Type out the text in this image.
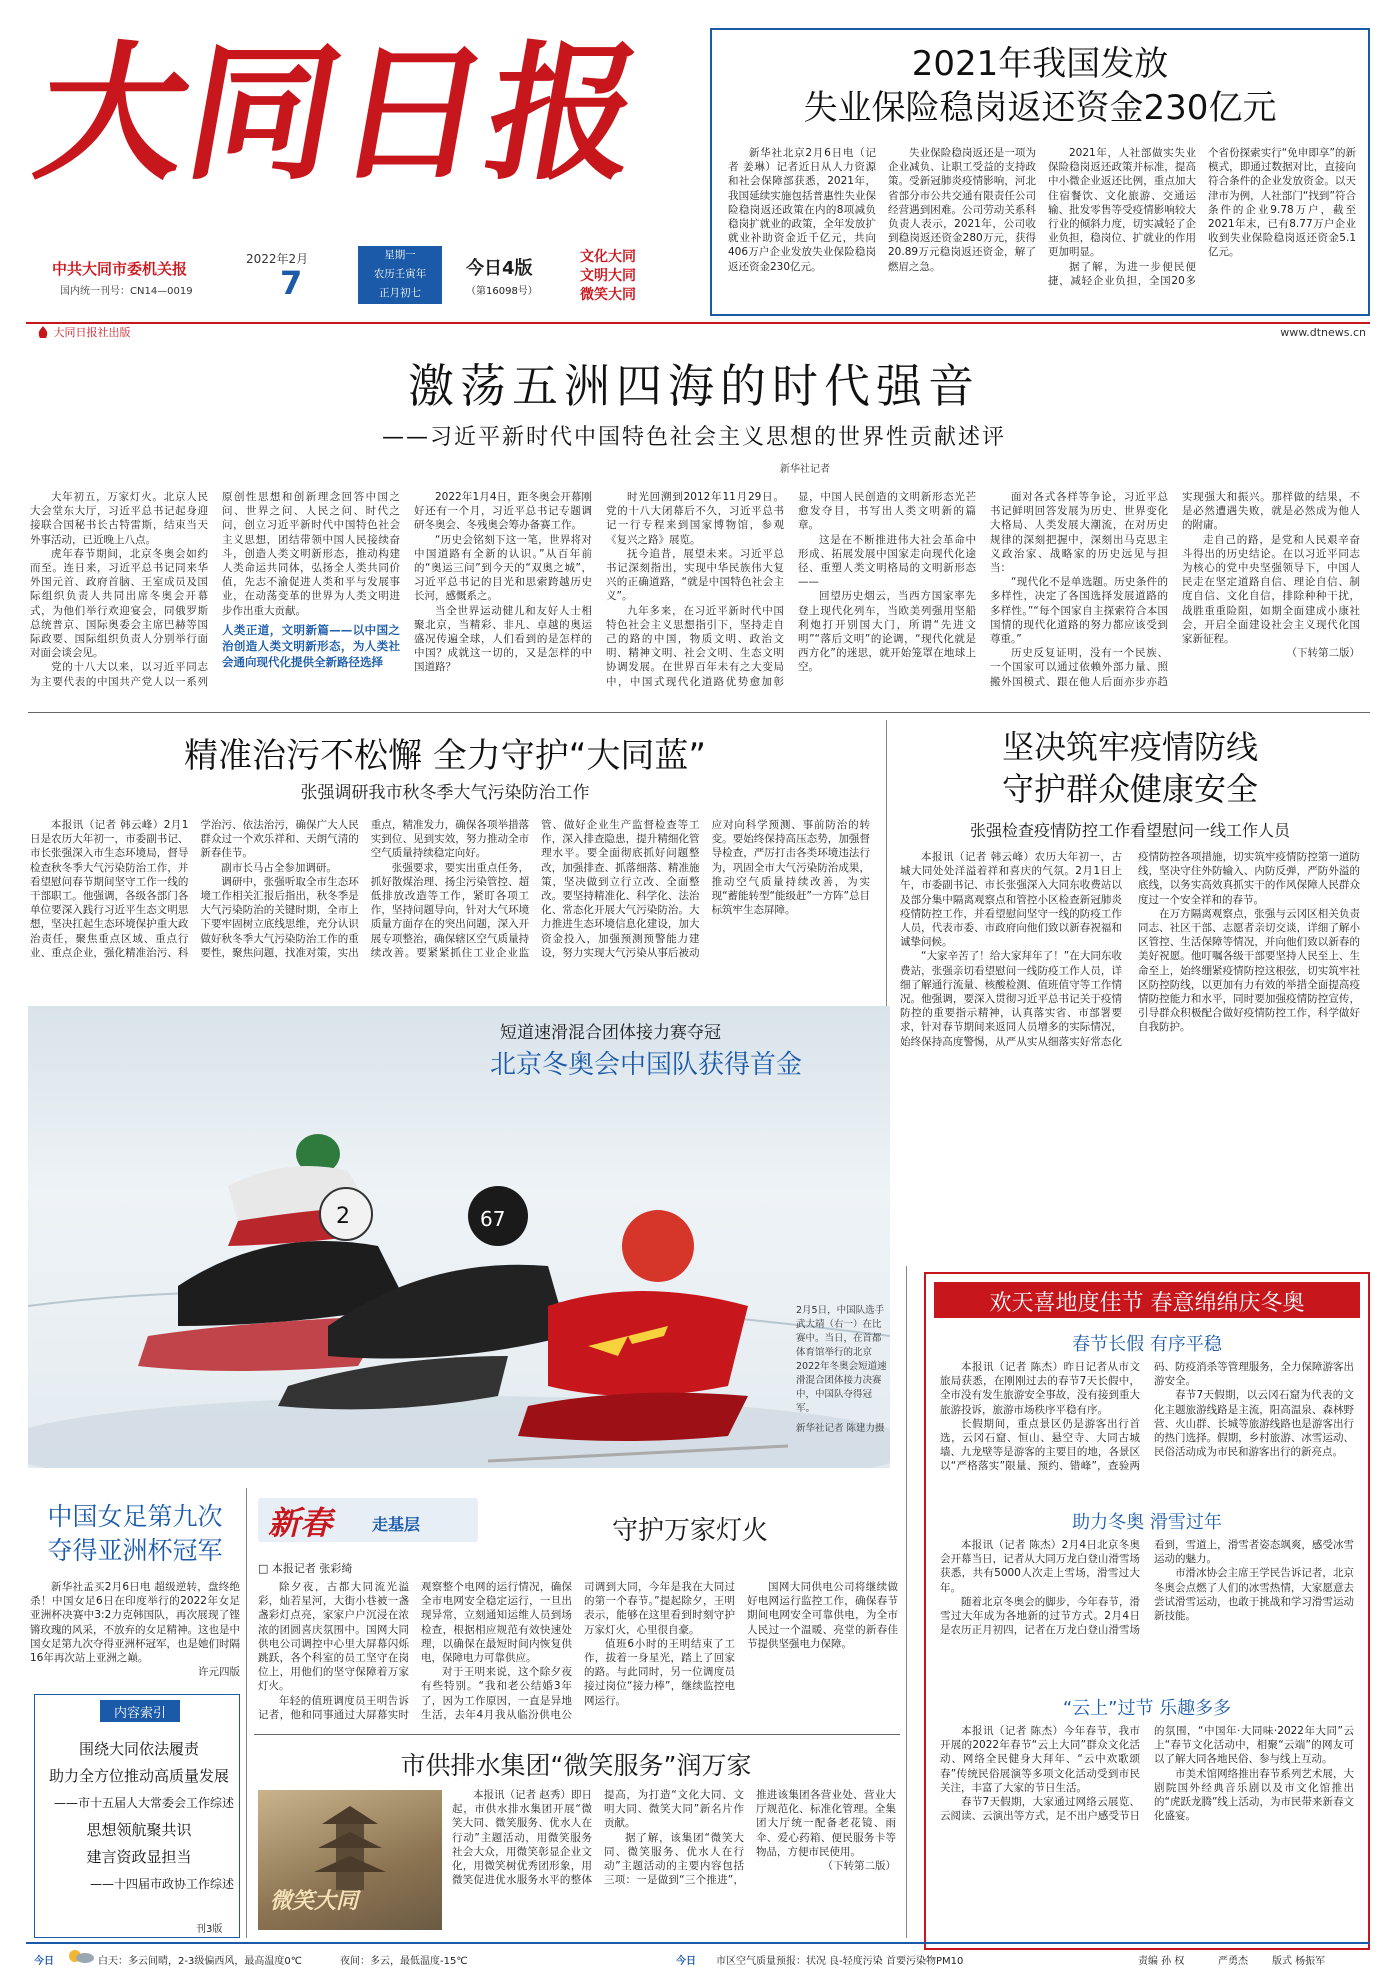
大
同
日
报
中共大同市委机关报
国内统一刊号：CN14—0019
2022年2月
7
星期一
农历壬寅年
正月初七
今日4版
（第16098号）
文化大同
文明大同
微笑大同
大同日报社出版	www.dtnews.cn
2021年我国发放
失业保险稳岗返还资金230亿元

新华社北京2月6日电（记者 姜琳）记者近日从人力资源和社会保障部获悉，2021年，我国延续实施包括普惠性失业保险稳岗返还政策在内的8项减负稳岗扩就业的政策，全年发放扩就业补助资金近千亿元，共向406万户企业发放失业保险稳岗返还资金230亿元。

失业保险稳岗返还是一项为企业减负、让职工受益的支持政策。受新冠肺炎疫情影响，河北省部分市公共交通有限责任公司经营遇到困难。公司劳动关系科负责人表示，2021年，公司收到稳岗返还资金280万元，获得20.89万元稳岗返还资金，解了燃眉之急。

2021年，人社部做实失业保险稳岗返还政策并标准，提高中小微企业返还比例，重点加大住宿餐饮、文化旅游、交通运输、批发零售等受疫情影响较大行业的倾斜力度，切实减轻了企业负担，稳岗位、扩就业的作用更加明显。

据了解，为进一步便民便捷，减轻企业负担，全国20多个省份探索实行“免申即享”的新模式，即通过数据对比，直接向符合条件的企业发放资金。以天津市为例，人社部门“找到”符合条件的企业9.78万户，截至2021年末，已有8.77万户企业收到失业保险稳岗返还资金5.1亿元。

激荡五洲四海的时代强音
——习近平新时代中国特色社会主义思想的世界性贡献述评
新华社记者

大年初五，万家灯火。北京人民大会堂东大厅，习近平总书记起身迎接联合国秘书长古特雷斯，结束当天外事活动，已近晚上八点。

虎年春节期间，北京冬奥会如约而至。连日来，习近平总书记同来华外国元首、政府首脑、王室成员及国际组织负责人共同出席冬奥会开幕式，为他们举行欢迎宴会，同俄罗斯总统普京、国际奥委会主席巴赫等国际政要、国际组织负责人分别举行面对面会谈会见。

党的十八大以来，以习近平同志为主要代表的中国共产党人以一系列原创性思想和创新理念回答中国之问、世界之问、人民之问、时代之问，创立习近平新时代中国特色社会主义思想，团结带领中国人民接续奋斗，创造人类文明新形态，推动构建人类命运共同体，弘扬全人类共同价值，先志不渝促进人类和平与发展事业，在动荡变革的世界为人类文明进步作出重大贡献。

人类正道，文明新篇——以中国之治创造人类文明新形态，为人类社会通向现代化提供全新路径选择

2022年1月4日，距冬奥会开幕刚好还有一个月，习近平总书记专题调研冬奥会、冬残奥会筹办备赛工作。

“历史会铭刻下这一笔，世界将对中国道路有全新的认识。”从百年前的“奥运三问”到今天的“双奥之城”，习近平总书记的目光和思索跨越历史长河，感慨系之。

当全世界运动健儿和友好人士相聚北京，当精彩、非凡、卓越的奥运盛况传遍全球，人们看到的是怎样的中国？成就这一切的，又是怎样的中国道路？

时光回溯到2012年11月29日。党的十八大闭幕后不久，习近平总书记一行专程来到国家博物馆，参观《复兴之路》展览。

抚今追昔，展望未来。习近平总书记深刻指出，实现中华民族伟大复兴的正确道路，“就是中国特色社会主义”。

九年多来，在习近平新时代中国特色社会主义思想指引下，坚持走自己的路的中国，物质文明、政治文明、精神文明、社会文明、生态文明协调发展。在世界百年未有之大变局中，中国式现代化道路优势愈加彰显，中国人民创造的文明新形态光芒愈发夺目，书写出人类文明新的篇章。

这是在不断推进伟大社会革命中形成、拓展发展中国家走向现代化途径、重塑人类文明格局的文明新形态——

回望历史烟云，当西方国家率先登上现代化列车，当欧美列强用坚船利炮打开别国大门，所谓“先进文明”“落后文明”的论调，“现代化就是西方化”的迷思，就开始笼罩在地球上空。

面对各式各样等争论，习近平总书记鲜明回答发展为历史、世界变化大格局、人类发展大潮流，在对历史规律的深刻把握中，深刻出马克思主义政治家、战略家的历史远见与担当：

“现代化不是单选题。历史条件的多样性，决定了各国选择发展道路的多样性。”“每个国家自主探索符合本国国情的现代化道路的努力都应该受到尊重。”

历史反复证明，没有一个民族、一个国家可以通过依赖外部力量、照搬外国模式、跟在他人后面亦步亦趋实现强大和振兴。那样做的结果，不是必然遭遇失败，就是必然成为他人的附庸。

走自己的路，是党和人民艰辛奋斗得出的历史结论。在以习近平同志为核心的党中央坚强领导下，中国人民走在坚定道路自信、理论自信、制度自信、文化自信，排除种种干扰，战胜重重险阻，如期全面建成小康社会，开启全面建设社会主义现代化国家新征程。

（下转第二版）

精准治污不松懈 全力守护“大同蓝”
张强调研我市秋冬季大气污染防治工作

本报讯（记者 韩云峰）2月1日是农历大年初一，市委副书记、市长张强深入市生态环境局，督导检查秋冬季大气污染防治工作，并看望慰问春节期间坚守工作一线的干部职工。他强调，各级各部门各单位要深入践行习近平生态文明思想，坚决扛起生态环境保护重大政治责任，聚焦重点区域、重点行业、重点企业，强化精准治污、科学治污、依法治污，确保广大人民群众过一个欢乐祥和、天朗气清的新春佳节。

副市长马占全参加调研。

调研中，张强听取全市生态环境工作相关汇报后指出，秋冬季是大气污染防治的关键时期，全市上下要牢固树立底线思维，充分认识做好秋冬季大气污染防治工作的重要性，聚焦问题，找准对策，实出重点，精准发力，确保各项举措落实到位、见到实效，努力推动全市空气质量持续稳定向好。

张强要求，要实出重点任务，抓好散煤治理、扬尘污染管控、超低排放改造等工作，紧盯各项工作，坚持问题导向，针对大气环境质量方面存在的突出问题，深入开展专项整治，确保辖区空气质量持续改善。要紧紧抓住工业企业监管、做好企业生产监督检查等工作，深入排查隐患，提升精细化管理水平。要全面彻底抓好问题整改，加强排查、抓落细落、精准施策，坚决做到立行立改、全面整改。要坚持精准化、科学化、法治化、常态化开展大气污染防治。大力推进生态环境信息化建设，加大资金投入，加强预测预警能力建设，努力实现大气污染从事后被动应对向科学预测、事前防治的转变。要始终保持高压态势，加强督导检查，严厉打击各类环境违法行为，巩固全市大气污染防治成果，推动空气质量持续改善，为实现“蓄能转型“能级赶”一方阵”总目标筑牢生态屏障。

坚决筑牢疫情防线
守护群众健康安全
张强检查疫情防控工作看望慰问一线工作人员

本报讯（记者 韩云峰）农历大年初一，古城大同处处洋溢着祥和喜庆的气氛。2月1日上午，市委副书记、市长张强深入大同东收费站以及部分集中隔离观察点和管控小区检查新冠肺炎疫情防控工作，并看望慰问坚守一线的防疫工作人员，代表市委、市政府向他们致以新春祝福和诚挚问候。

“大家辛苦了！给大家拜年了！”在大同东收费站，张强亲切看望慰问一线防疫工作人员，详细了解通行流量、核酸检测、值班值守等工作情况。他强调，要深入贯彻习近平总书记关于疫情防控的重要指示精神，认真落实省、市部署要求，针对春节期间来返同人员增多的实际情况，始终保持高度警惕，从严从实从细落实好常态化疫情防控各项措施，切实筑牢疫情防控第一道防线，坚决守住外防输入、内防反弹，严防外溢的底线，以务实高效真抓实干的作风保障人民群众度过一个安全祥和的春节。

在万方隔离观察点，张强与云冈区相关负责同志、社区干部、志愿者亲切交谈，详细了解小区管控、生活保障等情况，并向他们致以新春的美好祝愿。他叮嘱各级干部要坚持人民至上、生命至上，始终绷紧疫情防控这根弦，切实筑牢社区防控防线，以更加有力有效的举措全面提高疫情防控能力和水平，同时要加强疫情防控宣传，引导群众积极配合做好疫情防控工作，科学做好自我防护。

2	67
短道速滑混合团体接力赛夺冠
北京冬奥会中国队获得首金
2月5日，中国队选手武大靖（右一）在比赛中。当日，在首都体育馆举行的北京2022年冬奥会短道速滑混合团体接力决赛中，中国队夺得冠军。
新华社记者 陈建力摄
欢天喜地度佳节 春意绵绵庆冬奥
春节长假 有序平稳

本报讯（记者 陈杰）昨日记者从市文旅局获悉，在刚刚过去的春节7天长假中，全市没有发生旅游安全事故，没有接到重大旅游投诉，旅游市场秩序平稳有序。

长假期间，重点景区仍是游客出行首选，云冈石窟、恒山、悬空寺、大同古城墙、九龙壁等是游客的主要目的地，各景区以“严格落实”限量、预约、错峰”，查验两码、防疫消杀等管理服务，全力保障游客出游安全。

春节7天假期，以云冈石窟为代表的文化主题旅游线路是主流，阳高温泉、森林野营、火山群、长城等旅游线路也是游客出行的热门选择。假期，乡村旅游、冰雪运动、民俗活动成为市民和游客出行的新亮点。

助力冬奥 滑雪过年

本报讯（记者 陈杰）2月4日北京冬奥会开幕当日，记者从大同万龙白登山滑雪场获悉，共有5000人次走上雪场，滑雪过大年。

随着北京冬奥会的脚步，今年春节，滑雪过大年成为各地新的过节方式。2月4日是农历正月初四，记者在万龙白登山滑雪场看到，雪道上，滑雪者姿态飒爽，感受冰雪运动的魅力。

市滑冰协会主席王学民告诉记者，北京冬奥会点燃了人们的冰雪热情，大家愿意去尝试滑雪运动，也敢于挑战和学习滑雪运动新技能。

“云上”过节 乐趣多多

本报讯（记者 陈杰）今年春节，我市开展的2022年春节“云上大同”群众文化活动、网络全民健身大拜年、“云中欢歌颂春”传统民俗展演等多项文化活动受到市民关注，丰富了大家的节日生活。

春节7天假期，大家通过网络云展览、云阅读、云演出等方式，足不出户感受节日的氛围，“中国年·大同味·2022年大同”云上“春节文化活动中，相聚“云端”的网友可以了解大同各地民俗、参与线上互动。

市美术馆网络推出春节系列艺术展，大剧院国外经典音乐剧以及市文化馆推出的“虎跃龙腾”线上活动，为市民带来新春文化盛宴。

中国女足第九次
夺得亚洲杯冠军

新华社孟买2月6日电 超级逆转，盘终绝杀！中国女足6日在印度举行的2022年女足亚洲杯决赛中3:2力克韩国队，再次展现了铿锵玫瑰的风采，不放弃的女足精神。这也是中国女足第九次夺得亚洲杯冠军，也是她们时隔16年再次站上亚洲之巅。

许元四版

内容索引
围绕大同依法履责
助力全方位推动高质量发展
——市十五届人大常委会工作综述
思想领航聚共识
建言资政显担当
——十四届市政协工作综述
刊3版
新春 走基层	守护万家灯火
□ 本报记者 张彩绮

除夕夜，古都大同流光溢彩，灿若星河，大街小巷被一盏盏彩灯点亮，家家户户沉浸在浓浓的团圆喜庆氛围中。国网大同供电公司调控中心里大屏幕闪烁跳跃，各个科室的员工坚守在岗位上，用他们的坚守保障着万家灯火。

年轻的值班调度员王明告诉记者，他和同事通过大屏幕实时观察整个电网的运行情况，确保全市电网安全稳定运行，一旦出现异常，立刻通知运维人员到场检查，根据相应规范有效快速处理，以确保在最短时间内恢复供电，保障电力可靠供应。

对于王明来说，这个除夕夜有些特别。“我和老公结婚3年了，因为工作原因，一直是异地生活，去年4月我从临汾供电公司调到大同，今年是我在大同过的第一个春节。”提起除夕，王明表示，能够在这里看到时刻守护万家灯火，心里很自豪。

值班6小时的王明结束了工作，拔着一身星光，踏上了回家的路。与此同时，另一位调度员接过岗位“接力棒”，继续监控电网运行。

国网大同供电公司将继续做好电网运行监控工作，确保春节期间电网安全可靠供电，为全市人民过一个温暖、亮堂的新春佳节提供坚强电力保障。

市供排水集团“微笑服务”润万家
微笑大同

本报讯（记者 赵秀）即日起，市供水排水集团开展“微笑大同、微笑服务、优水人在行动”主题活动，用微笑服务社会大众，用微笑彰显企业文化，用微笑树优秀团形象，用微笑促进优水服务水平的整体提高，为打造“文化大同、文明大同、微笑大同”新名片作贡献。

据了解，该集团“微笑大同、微笑服务、优水人在行动”主题活动的主要内容包括三项：一是做到“三个推进”，推进该集团各营业处、营业大厅规范化、标准化管理。全集团大厅统一配备老花镜、雨伞、爱心药箱、便民服务卡等物品，方便市民使用。

（下转第二版）

今日	白天：多云间晴，2-3级偏西风，最高温度0℃	夜间：多云，最低温度-15℃	今日 市区空气质量预报：状况 良-轻度污染 首要污染物PM10	责编 孙 权	严勇杰 版式 杨振军
